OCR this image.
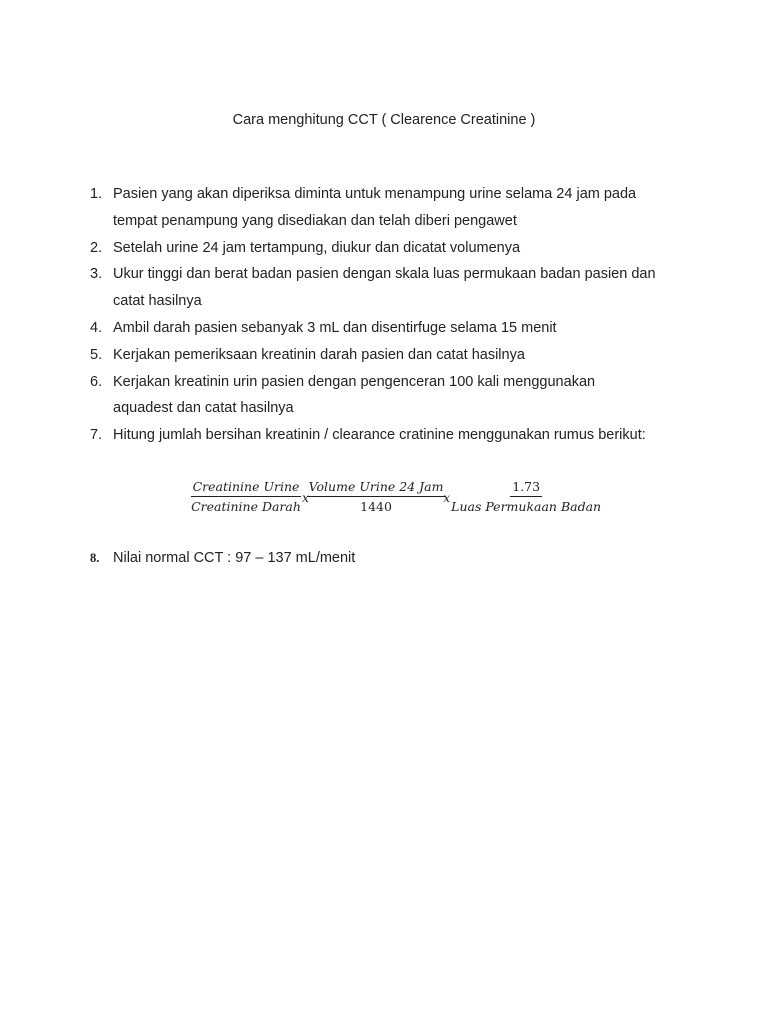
Cara menghitung CCT ( Clearence Creatinine )
1. Pasien yang akan diperiksa diminta untuk menampung urine selama 24 jam pada
tempat penampung yang disediakan dan telah diberi pengawet
2. Setelah urine 24 jam tertampung, diukur dan dicatat volumenya
3. Ukur tinggi dan berat badan pasien dengan skala luas permukaan badan pasien dan
catat hasilnya
4. Ambil darah pasien sebanyak 3 mL dan disentirfuge selama 15 menit
5. Kerjakan pemeriksaan kreatinin darah pasien dan catat hasilnya
6. Kerjakan kreatinin urin pasien dengan pengenceran 100 kali menggunakan
aquadest dan catat hasilnya
7. Hitung jumlah bersihan kreatinin / clearance cratinine menggunakan rumus berikut:
$\frac{\text{Creatinine Urine}}{\text{Creatinine Darah}}$ x $\frac{\text{Volume Urine 24 Jam}}{1440}$ x $\frac{1.73}{\text{Luas Permukaan Badan}}$
8. Nilai normal CCT : 97 – 137 mL/menit
